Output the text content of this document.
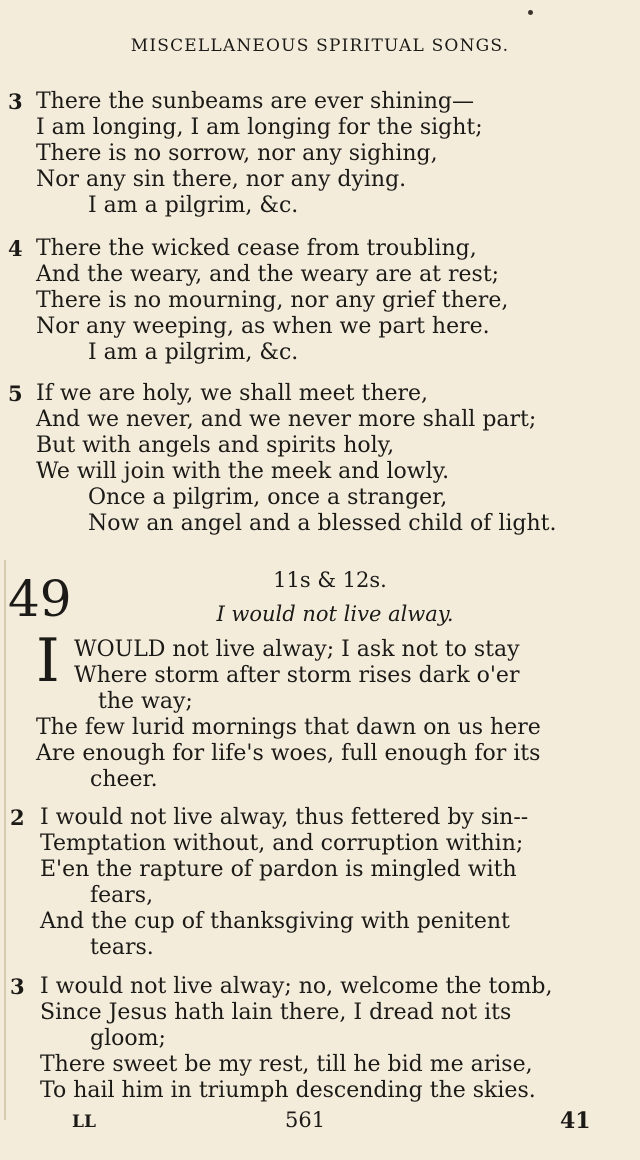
MISCELLANEOUS SPIRITUAL SONGS.
3 There the sunbeams are ever shining—
I am longing, I am longing for the sight;
There is no sorrow, nor any sighing,
Nor any sin there, nor any dying.
I am a pilgrim, &c.
4 There the wicked cease from troubling,
And the weary, and the weary are at rest;
There is no mourning, nor any grief there,
Nor any weeping, as when we part here.
I am a pilgrim, &c.
5 If we are holy, we shall meet there,
And we never, and we never more shall part;
But with angels and spirits holy,
We will join with the meek and lowly.
Once a pilgrim, once a stranger,
Now an angel and a blessed child of light.
49	11s & 12s.
I would not live alway.
I WOULD not live alway; I ask not to stay
Where storm after storm rises dark o'er
the way;
The few lurid mornings that dawn on us here
Are enough for life's woes, full enough for its
cheer.
2 I would not live alway, thus fettered by sin--
Temptation without, and corruption within;
E'en the rapture of pardon is mingled with
fears,
And the cup of thanksgiving with penitent
tears.
3 I would not live alway; no, welcome the tomb,
Since Jesus hath lain there, I dread not its
gloom;
There sweet be my rest, till he bid me arise,
To hail him in triumph descending the skies.
LL	561	41
